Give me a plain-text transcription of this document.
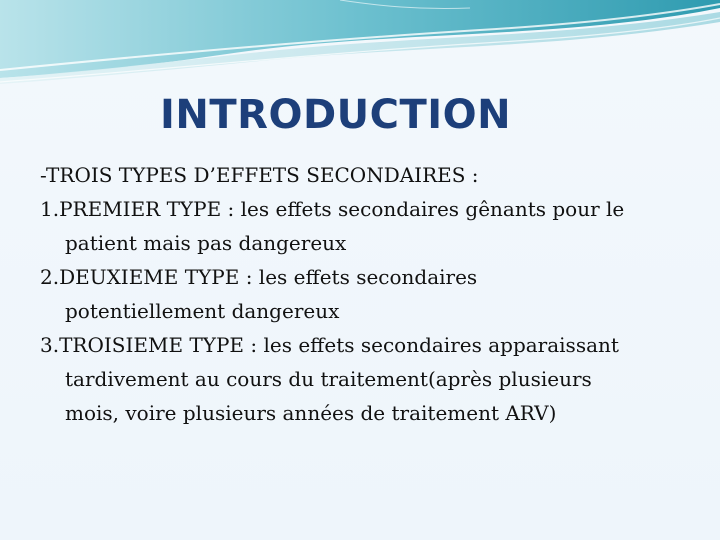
INTRODUCTION
-TROIS TYPES D’EFFETS SECONDAIRES :
1.PREMIER TYPE : les effets secondaires gênants pour le
patient mais pas dangereux
2.DEUXIEME TYPE : les effets secondaires
potentiellement dangereux
3.TROISIEME TYPE : les effets secondaires apparaissant
tardivement au cours du traitement(après plusieurs
mois, voire plusieurs années de traitement ARV)
